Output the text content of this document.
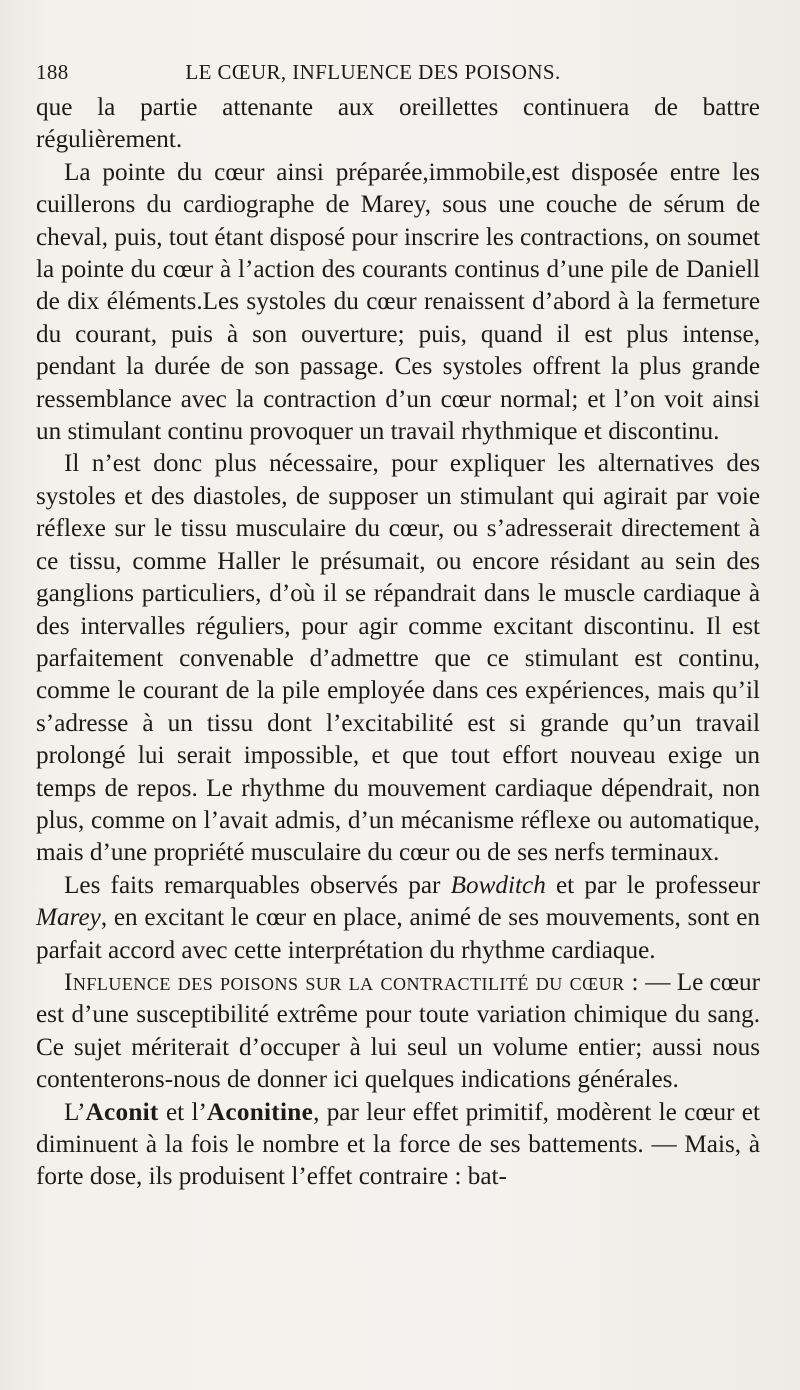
188	LE CŒUR, INFLUENCE DES POISONS.

que la partie attenante aux oreillettes continuera de battre régulièrement.

La pointe du cœur ainsi préparée,immobile,est disposée entre les cuillerons du cardiographe de Marey, sous une couche de sérum de cheval, puis, tout étant disposé pour inscrire les contractions, on soumet la pointe du cœur à l’action des courants continus d’une pile de Daniell de dix éléments.Les systoles du cœur renaissent d’abord à la fermeture du courant, puis à son ouverture; puis, quand il est plus intense, pendant la durée de son passage. Ces systoles offrent la plus grande ressemblance avec la contraction d’un cœur normal; et l’on voit ainsi un stimulant continu provoquer un travail rhythmique et discontinu.

Il n’est donc plus nécessaire, pour expliquer les alternatives des systoles et des diastoles, de supposer un stimulant qui agirait par voie réflexe sur le tissu musculaire du cœur, ou s’adresserait directement à ce tissu, comme Haller le présumait, ou encore résidant au sein des ganglions particuliers, d’où il se répandrait dans le muscle cardiaque à des intervalles réguliers, pour agir comme excitant discontinu. Il est parfaitement convenable d’admettre que ce stimulant est continu, comme le courant de la pile employée dans ces expériences, mais qu’il s’adresse à un tissu dont l’excitabilité est si grande qu’un travail prolongé lui serait impossible, et que tout effort nouveau exige un temps de repos. Le rhythme du mouvement cardiaque dépendrait, non plus, comme on l’avait admis, d’un mécanisme réflexe ou automatique, mais d’une propriété musculaire du cœur ou de ses nerfs terminaux.

Les faits remarquables observés par Bowditch et par le professeur Marey, en excitant le cœur en place, animé de ses mouvements, sont en parfait accord avec cette interprétation du rhythme cardiaque.

Influence des poisons sur la contractilité du cœur : — Le cœur est d’une susceptibilité extrême pour toute variation chimique du sang. Ce sujet mériterait d’occuper à lui seul un volume entier; aussi nous contenterons-nous de donner ici quelques indications générales.

L’Aconit et l’Aconitine, par leur effet primitif, modèrent le cœur et diminuent à la fois le nombre et la force de ses battements. — Mais, à forte dose, ils produisent l’effet contraire : bat-
